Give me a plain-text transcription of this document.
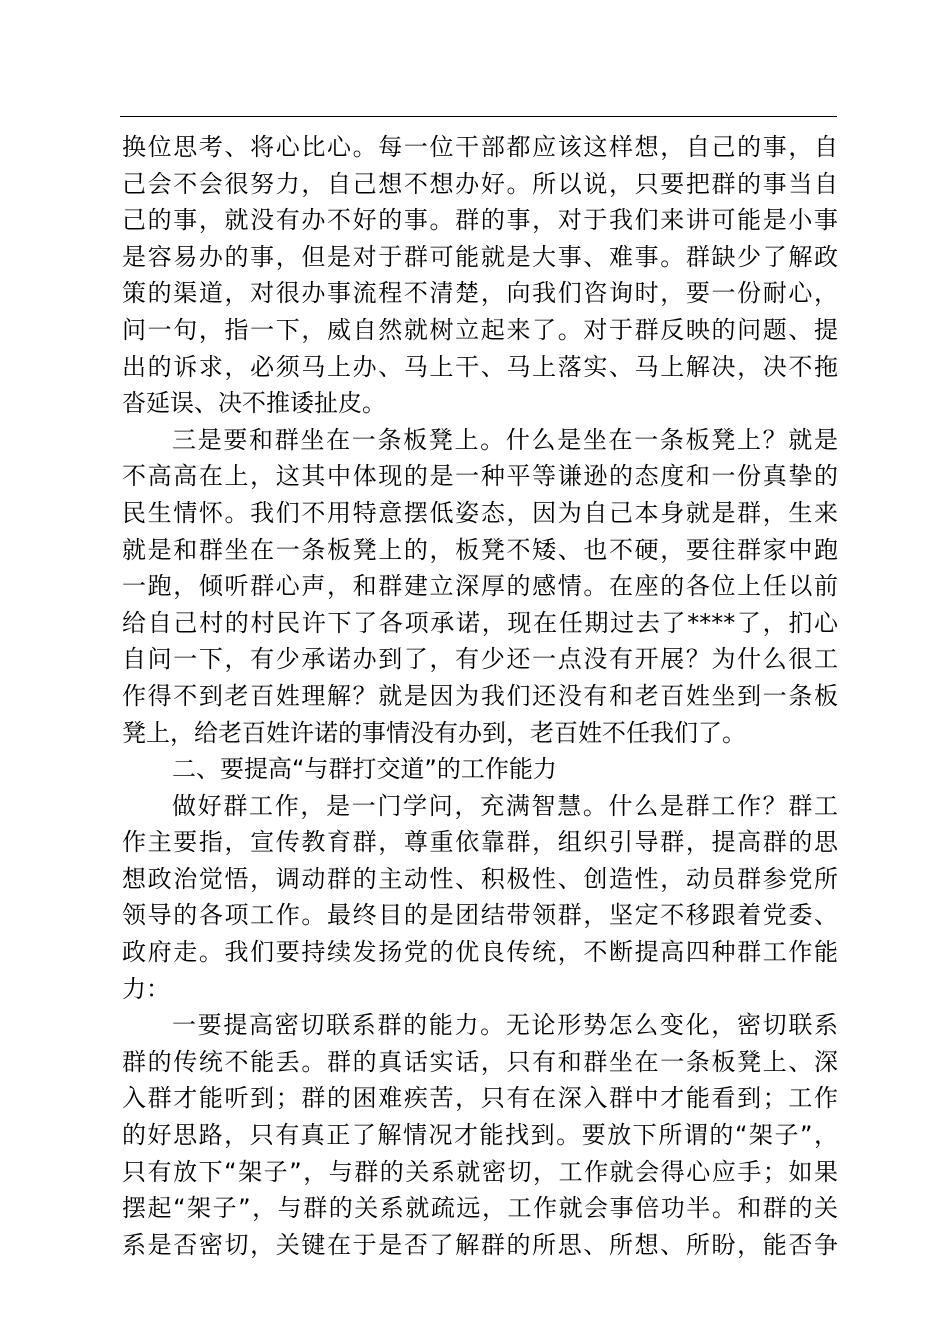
换位思考、将心比心。每一位干部都应该这样想，自己的事，自
己会不会很努力，自己想不想办好。所以说，只要把群的事当自
己的事，就没有办不好的事。群的事，对于我们来讲可能是小事
是容易办的事，但是对于群可能就是大事、难事。群缺少了解政
策的渠道，对很办事流程不清楚，向我们咨询时，要一份耐心，
问一句，指一下，威自然就树立起来了。对于群反映的问题、提
出的诉求，必须马上办、马上干、马上落实、马上解决，决不拖
沓延误、决不推诿扯皮。
三是要和群坐在一条板凳上。什么是坐在一条板凳上？就是
不高高在上，这其中体现的是一种平等谦逊的态度和一份真挚的
民生情怀。我们不用特意摆低姿态，因为自己本身就是群，生来
就是和群坐在一条板凳上的，板凳不矮、也不硬，要往群家中跑
一跑，倾听群心声，和群建立深厚的感情。在座的各位上任以前
给自己村的村民许下了各项承诺，现在任期过去了****了，扪心
自问一下，有少承诺办到了，有少还一点没有开展？为什么很工
作得不到老百姓理解？就是因为我们还没有和老百姓坐到一条板
凳上，给老百姓许诺的事情没有办到，老百姓不任我们了。
二、要提高“与群打交道”的工作能力
做好群工作，是一门学问，充满智慧。什么是群工作？群工
作主要指，宣传教育群，尊重依靠群，组织引导群，提高群的思
想政治觉悟，调动群的主动性、积极性、创造性，动员群参党所
领导的各项工作。最终目的是团结带领群，坚定不移跟着党委、
政府走。我们要持续发扬党的优良传统，不断提高四种群工作能
力：
一要提高密切联系群的能力。无论形势怎么变化，密切联系
群的传统不能丢。群的真话实话，只有和群坐在一条板凳上、深
入群才能听到；群的困难疾苦，只有在深入群中才能看到；工作
的好思路，只有真正了解情况才能找到。要放下所谓的“架子”，
只有放下“架子”，与群的关系就密切，工作就会得心应手；如果
摆起“架子”，与群的关系就疏远，工作就会事倍功半。和群的关
系是否密切，关键在于是否了解群的所思、所想、所盼，能否争
